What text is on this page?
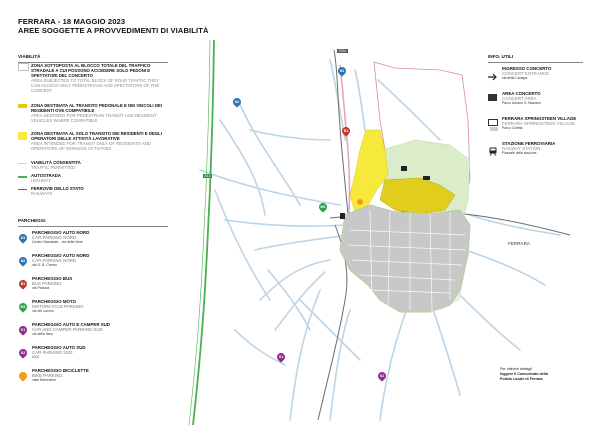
FERRARA
A13
SS16
N1
N2
B1
M1
S1
S2
FERRARA - 18 MAGGIO 2023
AREE SOGGETTE A PROVVEDIMENTI DI VIABILITÀ
VIABILITÀ
ZONA SOTTOPOSTA AL BLOCCO TOTALE DEL TRAFFICO STRADALE A CUI POSSONO ACCEDERE SOLO PEDONI E SPETTATORI DEL CONCERTO
AREA SUBJECTED TO TOTAL BLOCK OF ROAD TRAFFIC THEY CAN ACCESS ONLY PEDESTRIANS AND SPECTATORS OF THE CONCERT
ZONA DESTINATA AL TRANSITO PEDONALE E DEI VEICOLI DEI RESIDENTI OVE COMPATIBILE
AREA DESTINED FOR PEDESTRIAN TRANSIT AND RESIDENT VEHICLES WHERE COMPATIBLE
ZONA DESTINATA AL SOLO TRANSITO DEI RESIDENTI E DEGLI OPERATORI DELLE ATTIVITÀ LAVORATIVE
AREA INTENDED FOR TRANSIT ONLY OF RESIDENTS AND OPERATORS OF WORKING ACTIVITIES
VIABILITÀ CONSENTITA
TRAFFIC PERMITTED
AUTOSTRADA
HIGHWAY
FERROVIE DELLO STATO
RAILWAYS
PARCHEGGI
N1
PARCHEGGIO AUTO NORD
CAR PARKING NORD
Centro Diamante - via delle Nere
N2
PARCHEGGIO AUTO NORD
CAR PARKING NORD
via G. B. Cremo
B1
PARCHEGGIO BUS
BUS PARKING
via Padova
M1
PARCHEGGIO MOTO
MOTORCYCLE PARKING
via del Lavoro
S1
PARCHEGGIO AUTO E CAMPER SUD
CAR AND CAMPER PARKING SUD
via della fiera
S2
PARCHEGGIO AUTO SUD
CAR PARKING SUD
XXX
PARCHEGGIO BICICLETTE
BIKE PARKING
viale Belvedere
INFO. UTILI
INGRESSO CONCERTO
CONCERT ENTRANCE
via della Canapa
AREA CONCERTO
CONCERT AREA
Parco Urbano G. Bassani
FERRARA SPRINGSTEEN VILLAGE
FERRARA SPRINGSTEEN VILLAGE
Parco Coletta
STAZIONE FERROVIARIA
RAILWAY STATION
Piazzale della stazione
Per ulteriori dettagli
leggere il Comunicato della
Polizia Locale di Ferrara.
